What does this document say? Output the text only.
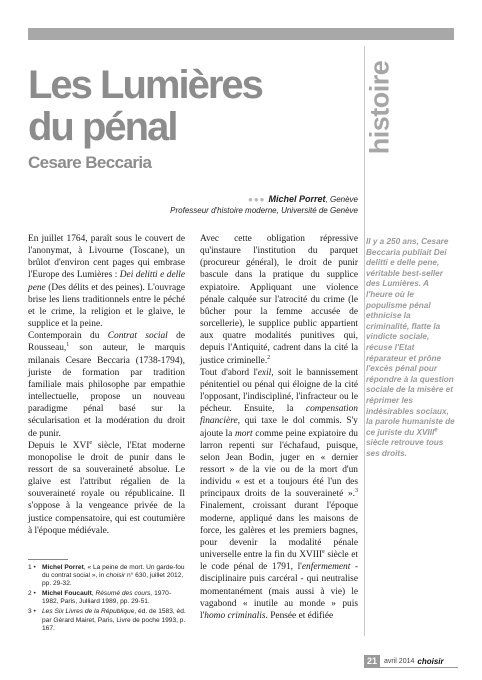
histoire
Les Lumières
du pénal
Cesare Beccaria
●●● Michel Porret, Genève
Professeur d'histoire moderne, Université de Genève

En juillet 1764, paraît sous le couvert de l'anonymat, à Livourne (Toscane), un brûlot d'environ cent pages qui embrase l'Europe des Lumières : Dei delitti e delle pene (Des délits et des peines). L'ouvrage brise les liens traditionnels entre le péché et le crime, la religion et le glaive, le supplice et la peine.

Contemporain du Contrat social de Rousseau,$^1$ son auteur, le marquis milanais Cesare Beccaria (1738-1794), juriste de formation par tradition familiale mais philosophe par empathie intellectuelle, propose un nouveau paradigme pénal basé sur la sécularisation et la modération du droit de punir.

Depuis le XVIe siècle, l'Etat moderne monopolise le droit de punir dans le ressort de sa souveraineté absolue. Le glaive est l'attribut régalien de la souveraineté royale ou républicaine. Il s'oppose à la vengeance privée de la justice compensatoire, qui est coutumière à l'époque médiévale.

1 • Michel Porret, « La peine de mort. Un garde-fou du contrat social », in choisir n° 630, juillet 2012, pp. 29-32.
2 • Michel Foucault, Résumé des cours, 1970-1982, Paris, Julliard 1989, pp. 29-51.
3 • Les Six Livres de la République, éd. de 1583, éd. par Gérard Mairet, Paris, Livre de poche 1993, p. 167.

Avec cette obligation répressive qu'instaure l'institution du parquet (procureur général), le droit de punir bascule dans la pratique du supplice expiatoire. Appliquant une violence pénale calquée sur l'atrocité du crime (le bûcher pour la femme accusée de sorcellerie), le supplice public appartient aux quatre modalités punitives qui, depuis l'Antiquité, cadrent dans la cité la justice criminelle.$^2$

Tout d'abord l'exil, soit le bannissement pénitentiel ou pénal qui éloigne de la cité l'opposant, l'indiscipliné, l'infracteur ou le pécheur. Ensuite, la compensation financière, qui taxe le dol commis. S'y ajoute la mort comme peine expiatoire du larron repenti sur l'échafaud, puisque, selon Jean Bodin, juger en « dernier ressort » de la vie ou de la mort d'un individu « est et a toujours été l'un des principaux droits de la souveraineté ».$^3$ Finalement, croissant durant l'époque moderne, appliqué dans les maisons de force, les galères et les premiers bagnes, pour devenir la modalité pénale universelle entre la fin du XVIIIe siècle et le code pénal de 1791, l'enfermement - disciplinaire puis carcéral - qui neutralise momentanément (mais aussi à vie) le vagabond « inutile au monde » puis l'homo criminalis. Pensée et édifiée

Il y a 250 ans, Cesare Beccaria publiait Dei delitti e delle pene, véritable best-seller des Lumières. A l'heure où le populisme pénal ethnicise la criminalité, flatte la vindicte sociale, récuse l'Etat réparateur et prône l'excès pénal pour répondre à la question sociale de la misère et réprimer les indésirables sociaux, la parole humaniste de ce juriste du XVIIIe siècle retrouve tous ses droits.
21	avril 2014 choisir
